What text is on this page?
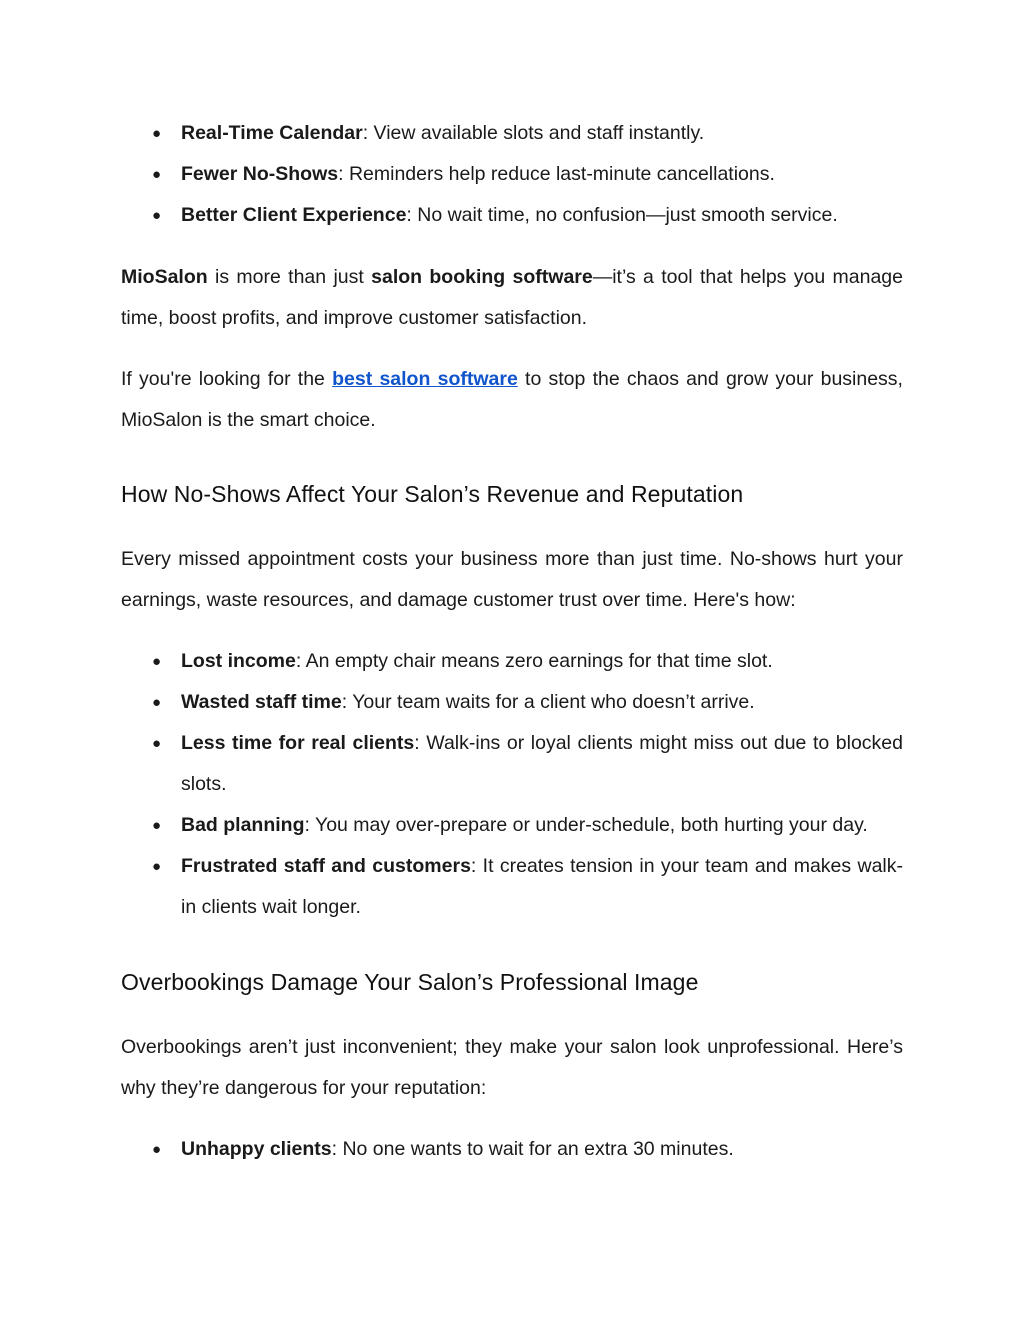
● Real-Time Calendar: View available slots and staff instantly.
● Fewer No-Shows: Reminders help reduce last-minute cancellations.
● Better Client Experience: No wait time, no confusion—just smooth service.

MioSalon is more than just salon booking software—it’s a tool that helps you manage time, boost profits, and improve customer satisfaction.

If you're looking for the best salon software to stop the chaos and grow your business, MioSalon is the smart choice.

How No-Shows Affect Your Salon’s Revenue and Reputation

Every missed appointment costs your business more than just time. No-shows hurt your earnings, waste resources, and damage customer trust over time. Here's how:

● Lost income: An empty chair means zero earnings for that time slot.
● Wasted staff time: Your team waits for a client who doesn’t arrive.
● Less time for real clients: Walk-ins or loyal clients might miss out due to blocked slots.
● Bad planning: You may over-prepare or under-schedule, both hurting your day.
● Frustrated staff and customers: It creates tension in your team and makes walk-in clients wait longer.
Overbookings Damage Your Salon’s Professional Image

Overbookings aren’t just inconvenient; they make your salon look unprofessional. Here’s why they’re dangerous for your reputation:

● Unhappy clients: No one wants to wait for an extra 30 minutes.
